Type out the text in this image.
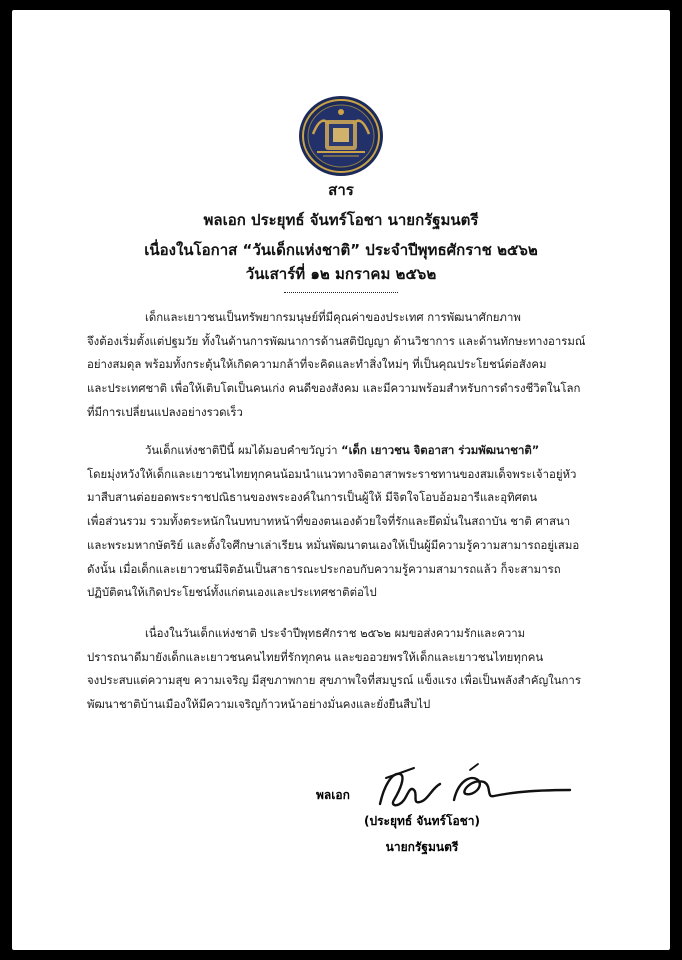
สาร
พลเอก ประยุทธ์ จันทร์โอชา นายกรัฐมนตรี
เนื่องในโอกาส “วันเด็กแห่งชาติ” ประจำปีพุทธศักราช ๒๕๖๒
วันเสาร์ที่ ๑๒ มกราคม ๒๕๖๒
เด็กและเยาวชนเป็นทรัพยากรมนุษย์ที่มีคุณค่าของประเทศ การพัฒนาศักยภาพ
จึงต้องเริ่มตั้งแต่ปฐมวัย ทั้งในด้านการพัฒนาการด้านสติปัญญา ด้านวิชาการ และด้านทักษะทางอารมณ์
อย่างสมดุล พร้อมทั้งกระตุ้นให้เกิดความกล้าที่จะคิดและทำสิ่งใหม่ๆ ที่เป็นคุณประโยชน์ต่อสังคม
และประเทศชาติ เพื่อให้เติบโตเป็นคนเก่ง คนดีของสังคม และมีความพร้อมสำหรับการดำรงชีวิตในโลก
ที่มีการเปลี่ยนแปลงอย่างรวดเร็ว
วันเด็กแห่งชาติปีนี้ ผมได้มอบคำขวัญว่า “เด็ก เยาวชน จิตอาสา ร่วมพัฒนาชาติ”
โดยมุ่งหวังให้เด็กและเยาวชนไทยทุกคนน้อมนำแนวทางจิตอาสาพระราชทานของสมเด็จพระเจ้าอยู่หัว
มาสืบสานต่อยอดพระราชปณิธานของพระองค์ในการเป็นผู้ให้ มีจิตใจโอบอ้อมอารีและอุทิศตน
เพื่อส่วนรวม รวมทั้งตระหนักในบทบาทหน้าที่ของตนเองด้วยใจที่รักและยึดมั่นในสถาบัน ชาติ ศาสนา
และพระมหากษัตริย์ และตั้งใจศึกษาเล่าเรียน หมั่นพัฒนาตนเองให้เป็นผู้มีความรู้ความสามารถอยู่เสมอ
ดังนั้น เมื่อเด็กและเยาวชนมีจิตอันเป็นสาธารณะประกอบกับความรู้ความสามารถแล้ว ก็จะสามารถ
ปฏิบัติตนให้เกิดประโยชน์ทั้งแก่ตนเองและประเทศชาติต่อไป
เนื่องในวันเด็กแห่งชาติ ประจำปีพุทธศักราช ๒๕๖๒ ผมขอส่งความรักและความ
ปรารถนาดีมายังเด็กและเยาวชนคนไทยที่รักทุกคน และขออวยพรให้เด็กและเยาวชนไทยทุกคน
จงประสบแต่ความสุข ความเจริญ มีสุขภาพกาย สุขภาพใจที่สมบูรณ์ แข็งแรง เพื่อเป็นพลังสำคัญในการ
พัฒนาชาติบ้านเมืองให้มีความเจริญก้าวหน้าอย่างมั่นคงและยั่งยืนสืบไป
พลเอก
(ประยุทธ์ จันทร์โอชา)
นายกรัฐมนตรี
